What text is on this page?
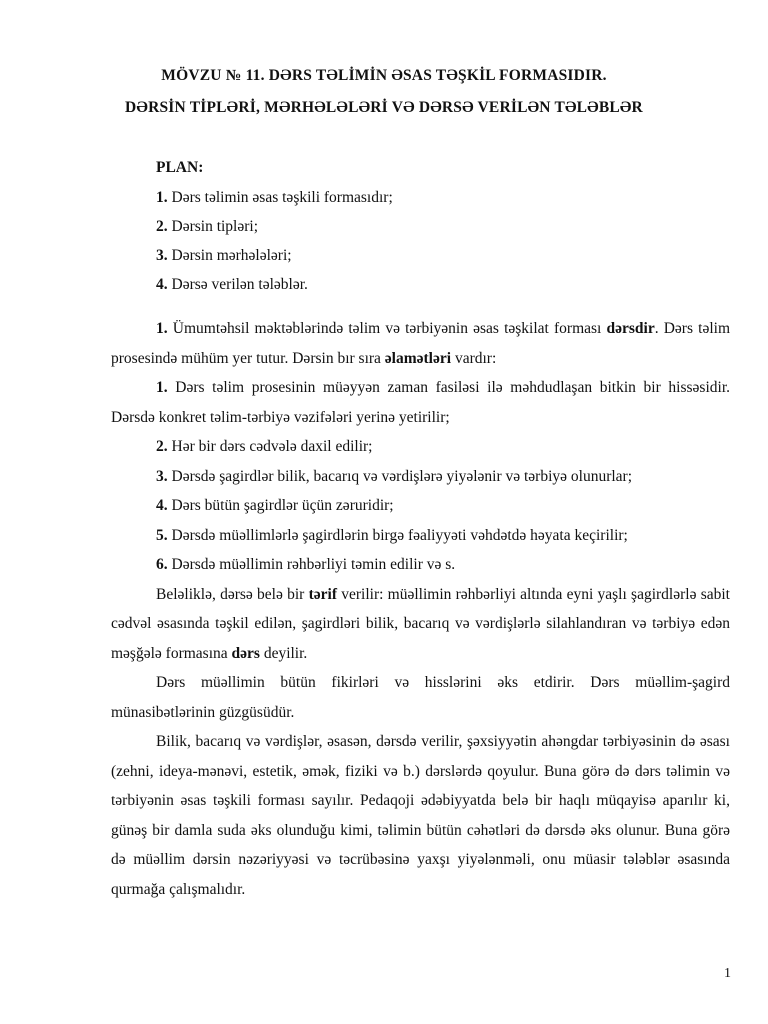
MÖVZU № 11. DƏRS TƏLİMİN ƏSAS TƏŞKİL FORMASIDIR.
DƏRSİN TİPLƏRİ, MƏRHƏLƏLƏRİ VƏ DƏRSƏ VERİLƏN TƏLƏBLƏR
PLAN:
1. Dərs təlimin əsas təşkili formasıdır;
2. Dərsin tipləri;
3. Dərsin mərhələləri;
4. Dərsə verilən tələblər.

1. Ümumtəhsil məktəblərində təlim və tərbiyənin əsas təşkilat forması dərsdir. Dərs təlim prosesində mühüm yer tutur. Dərsin bır sıra əlamətləri vardır:

1. Dərs təlim prosesinin müəyyən zaman fasiləsi ilə məhdudlaşan bitkin bir hissəsidir. Dərsdə konkret təlim-tərbiyə vəzifələri yerinə yetirilir;

2. Hər bir dərs cədvələ daxil edilir;

3. Dərsdə şagirdlər bilik, bacarıq və vərdişlərə yiyələnir və tərbiyə olunurlar;

4. Dərs bütün şagirdlər üçün zəruridir;

5. Dərsdə müəllimlərlə şagirdlərin birgə fəaliyyəti vəhdətdə həyata keçirilir;

6. Dərsdə müəllimin rəhbərliyi təmin edilir və s.

Beləliklə, dərsə belə bir tərif verilir: müəllimin rəhbərliyi altında eyni yaşlı şagirdlərlə sabit cədvəl əsasında təşkil edilən, şagirdləri bilik, bacarıq və vərdişlərlə silahlandıran və tərbiyə edən məşğələ formasına dərs deyilir.

Dərs müəllimin bütün fikirləri və hisslərini əks etdirir. Dərs müəllim-şagird münasibətlərinin güzgüsüdür.

Bilik, bacarıq və vərdişlər, əsasən, dərsdə verilir, şəxsiyyətin ahəngdar tərbiyəsinin də əsası (zehni, ideya-mənəvi, estetik, əmək, fiziki və b.) dərslərdə qoyulur. Buna görə də dərs təlimin və tərbiyənin əsas təşkili forması sayılır. Pedaqoji ədəbiyyatda belə bir haqlı müqayisə aparılır ki, günəş bir damla suda əks olunduğu kimi, təlimin bütün cəhətləri də dərsdə əks olunur. Buna görə də müəllim dərsin nəzəriyyəsi və təcrübəsinə yaxşı yiyələnməli, onu müasir tələblər əsasında qurmağa çalışmalıdır.

1
